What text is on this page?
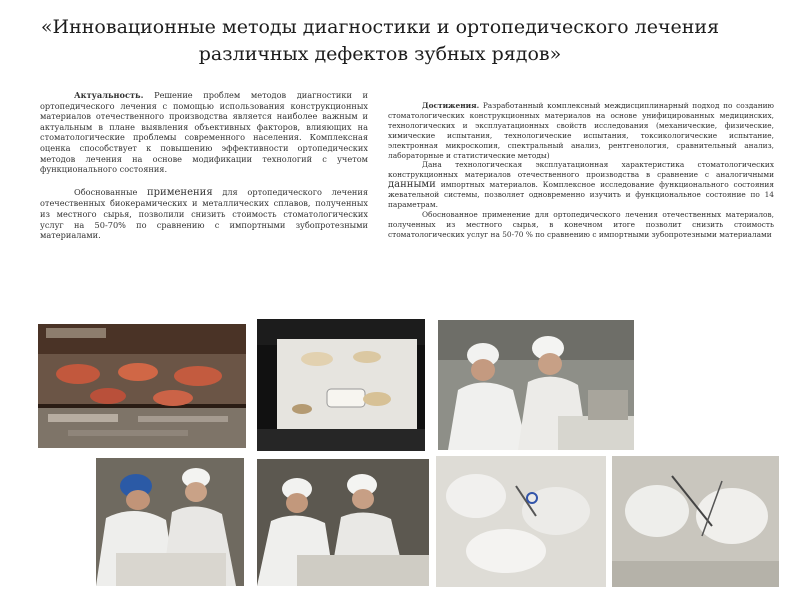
«Инновационные методы диагностики и ортопедического лечения
различных дефектов зубных рядов»

Актуальность. Решение проблем методов диагностики и ортопедического лечения с помощью использования конструкционных материалов отечественного производства является наиболее важным и актуальным в плане выявления объективных факторов, влияющих на стоматологические проблемы современного населения. Комплексная оценка способствует к повышению эффективности ортопедических методов лечения на основе модификации технологий с учетом функционального состояния.

Обоснованные применения для ортопедического лечения отечественных биокерамических и металлических сплавов, полученных из местного сырья, позволили снизить стоимость стоматологических услуг на 50-70% по сравнению с импортными зубопротезными материалами.

Достижения. Разработанный комплексный междисциплинарный подход по созданию стоматологических конструкционных материалов на основе унифицированных медицинских, технологических и эксплуатационных свойств исследования (механические, физические, химические испытания, технологические испытания, токсикологические испытание, электронная микроскопия, спектральный анализ, рентгенология, сравнительный анализ, лабораторные и статистические методы)

Дана технологическая эксплуатационная характеристика стоматологических конструкционных материалов отечественного производства в сравнение с аналогичными данными импортных материалов. Комплексное исследование функционального состояния жевательной системы, позволяет одновременно изучить и функциональное состояние по 14 параметрам.

Обоснованное применение для ортопедического лечения отечественных материалов, полученных из местного сырья, в конечном итоге позволит снизить стоимость стоматологических услуг на 50-70 % по сравнению с импортными зубопротезными материалами
